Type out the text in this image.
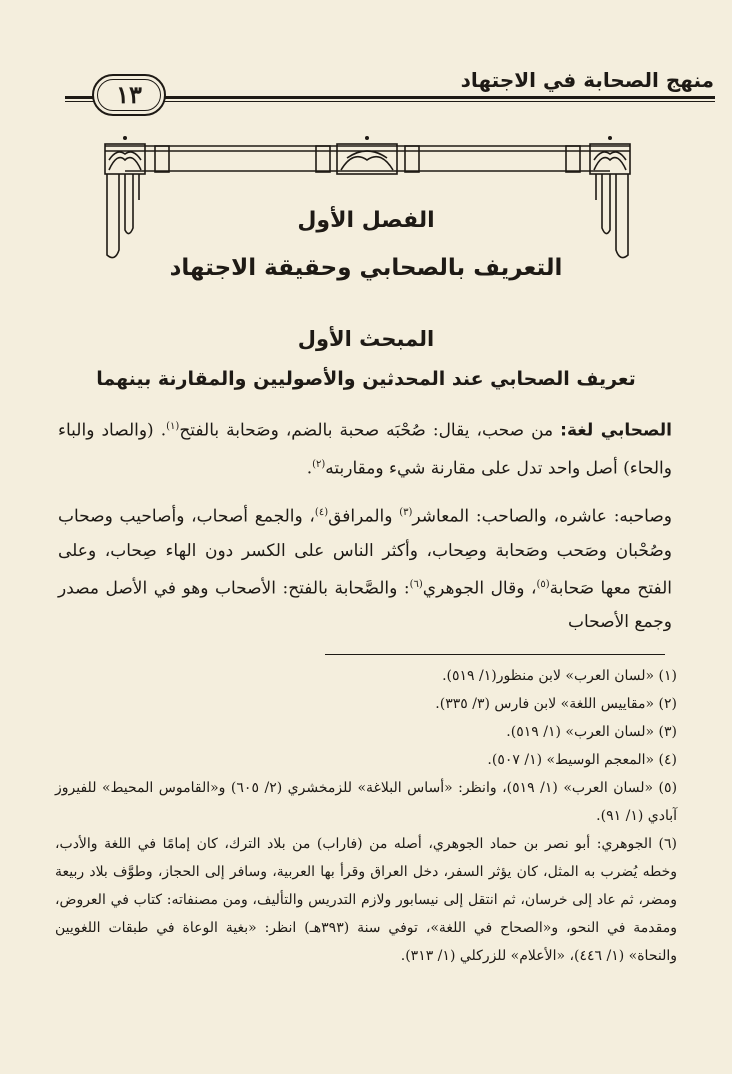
منهج الصحابة في الاجتهاد
١٣
الفصل الأول
التعريف بالصحابي وحقيقة الاجتهاد
المبحث الأول
تعريف الصحابي عند المحدثين والأصوليين والمقارنة بينهما
الصحابي لغة: من صحب، يقال: صُحْبَه صحبة بالضم، وصَحابة بالفتح$^{(١)}$. (والصاد والباء والحاء) أصل واحد تدل على مقارنة شيء ومقاربته$^{(٢)}$.
وصاحبه: عاشره، والصاحب: المعاشر$^{(٣)}$ والمرافق$^{(٤)}$، والجمع أصحاب، وأصاحيب وصحاب وصُحْبان وصَحب وصَحابة وصِحاب، وأكثر الناس على الكسر دون الهاء صِحاب، وعلى الفتح معها صَحابة$^{(٥)}$، وقال الجوهري$^{(٦)}$: والصَّحابة بالفتح: الأصحاب وهو في الأصل مصدر وجمع الأصحاب

(١) «لسان العرب» لابن منظور(١/ ٥١٩).

(٢) «مقاييس اللغة» لابن فارس (٣/ ٣٣٥).

(٣) «لسان العرب» (١/ ٥١٩).

(٤) «المعجم الوسيط» (١/ ٥٠٧).

(٥) «لسان العرب» (١/ ٥١٩)، وانظر: «أساس البلاغة» للزمخشري (٢/ ٦٠٥) و«القاموس المحيط» للفيروز آبادي (١/ ٩١).

(٦) الجوهري: أبو نصر بن حماد الجوهري، أصله من (فاراب) من بلاد الترك، كان إمامًا في اللغة والأدب، وخطه يُضرب به المثل، كان يؤثر السفر، دخل العراق وقرأ بها العربية، وسافر إلى الحجاز، وطوَّف بلاد ربيعة ومضر، ثم عاد إلى خرسان، ثم انتقل إلى نيسابور ولازم التدريس والتأليف، ومن مصنفاته: كتاب في العروض، ومقدمة في النحو، و«الصحاح في اللغة»، توفي سنة (٣٩٣هـ) انظر: «بغية الوعاة في طبقات اللغويين والنحاة» (١/ ٤٤٦)، «الأعلام» للزركلي (١/ ٣١٣).
